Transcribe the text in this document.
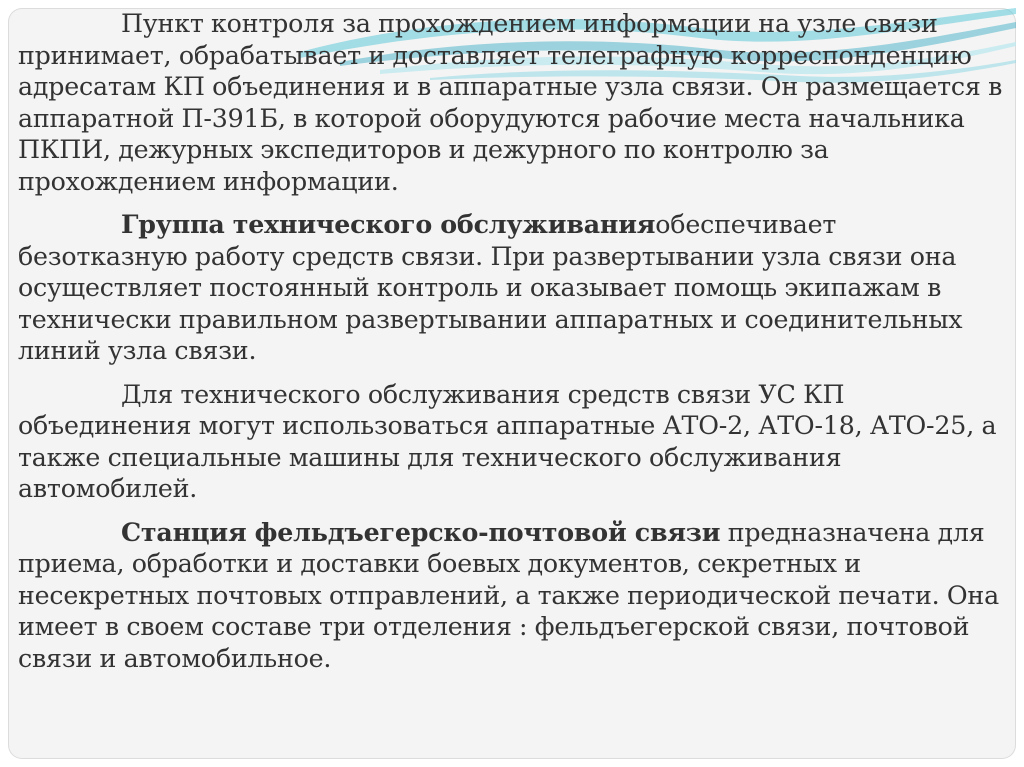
Пункт контроля за прохождением информации на узле связи принимает, обрабатывает и доставляет телеграфную корреспонденцию адресатам КП объединения и в аппаратные узла связи. Он размещается в аппаратной П-391Б, в которой оборудуются рабочие места начальника ПКПИ, дежурных экспедиторов и дежурного по контролю за прохождением информации.

Группа технического обслуживанияобеспечивает безотказную работу средств связи. При развертывании узла связи она осуществляет постоянный контроль и оказывает помощь экипажам в технически правильном развертывании аппаратных и соединительных линий узла связи.

Для технического обслуживания средств связи УС КП объединения могут использоваться аппаратные АТО-2, АТО-18, АТО-25, а также специальные машины для технического обслуживания автомобилей.

Станция фельдъегерско-почтовой связи предназначена для приема, обработки и доставки боевых документов, секретных и несекретных почтовых отправлений, а также периодической печати. Она имеет в своем составе три отделения : фельдъегерской связи, почтовой связи и автомобильное.
